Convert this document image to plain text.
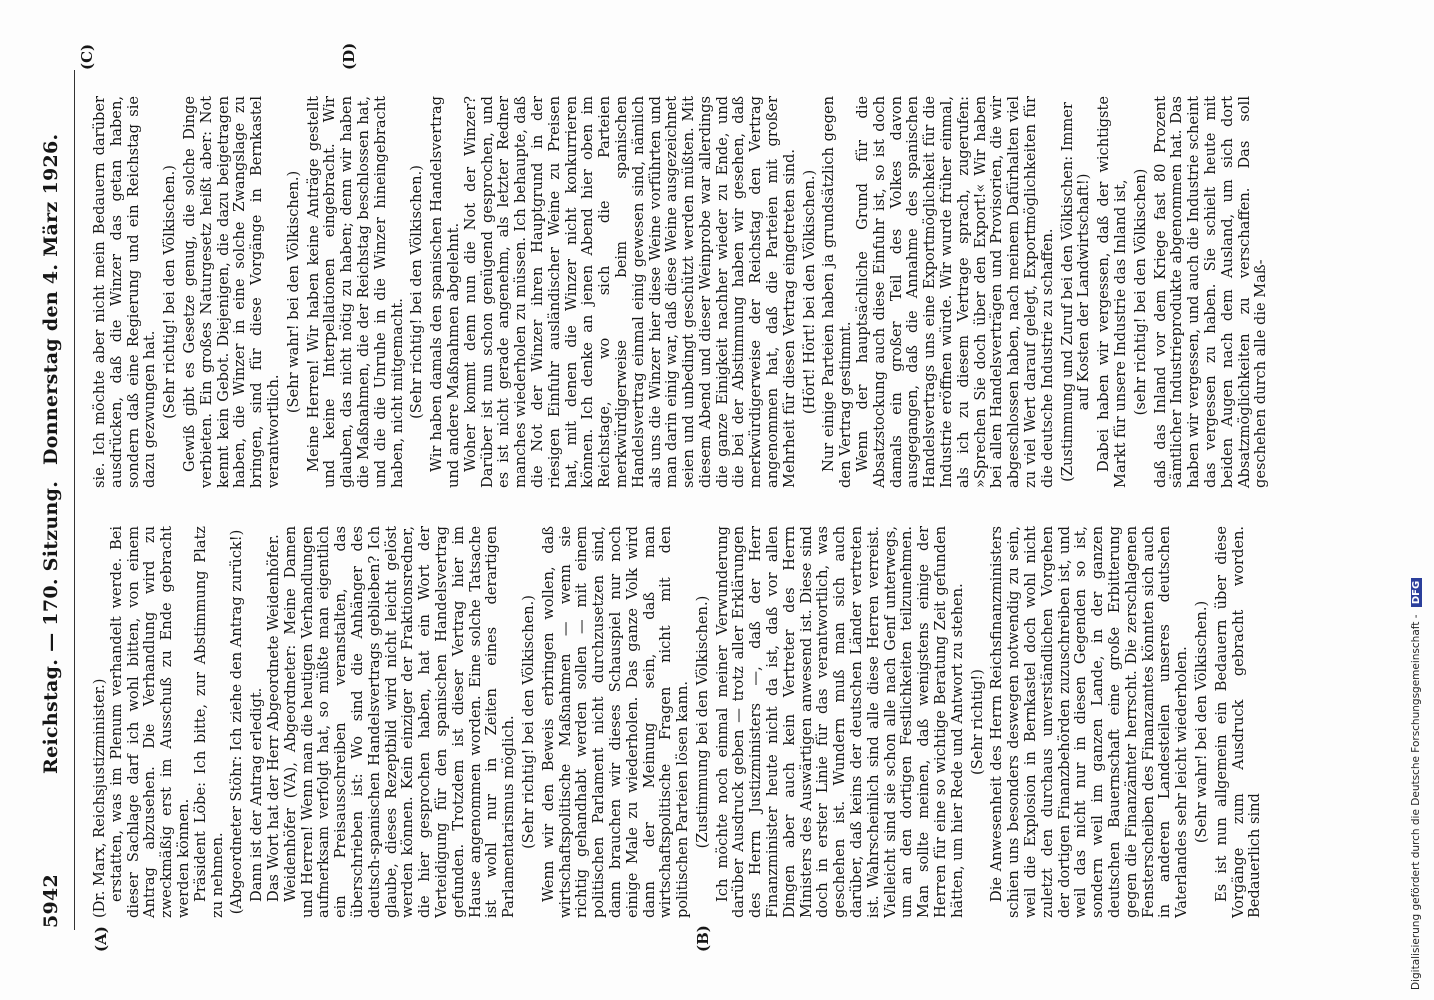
5942
Reichstag. — 170. Sitzung.
Donnerstag den 4. März 1926.
(A)	(B)
(C)	(D)

(Dr. Marx, Reichsjustizminister.) erstatten, was im Plenum verhandelt werde. Bei dieser Sachlage darf ich wohl bitten, von einem Antrag abzusehen. Die Verhandlung wird zu zweckmäßig erst im Ausschuß zu Ende gebracht werden können. Präsident Löbe: Ich bitte, zur Abstimmung Platz zu nehmen. (Abgeordneter Stöhr: Ich ziehe den Antrag zurück!) Dann ist der Antrag erledigt. Das Wort hat der Herr Abgeordnete Weidenhöfer. Weidenhöfer (VA), Abgeordneter: Meine Damen und Herren! Wenn man die heutigen Verhandlungen aufmerksam verfolgt hat, so müßte man eigentlich ein Preisausschreiben veranstalten, das überschrieben ist: Wo sind die Anhänger des deutsch-spanischen Handelsvertrags geblieben? Ich glaube, dieses Rezeptbild wird nicht leicht gelöst werden können. Kein einziger der Fraktionsredner, die hier gesprochen haben, hat ein Wort der Verteidigung für den spanischen Handelsvertrag gefunden. Trotzdem ist dieser Vertrag hier im Hause angenommen worden. Eine solche Tatsache ist wohl nur in Zeiten eines derartigen Parlamentarismus möglich. (Sehr richtig! bei den Völkischen.) Wenn wir den Beweis erbringen wollen, daß wirtschaftspolitische Maßnahmen — wenn sie richtig gehandhabt werden sollen — mit einem politischen Parlament nicht durchzusetzen sind, dann brauchen wir dieses Schauspiel nur noch einige Male zu wiederholen. Das ganze Volk wird dann der Meinung sein, daß man wirtschaftspolitische Fragen nicht mit den politischen Parteien lösen kann. (Zustimmung bei den Völkischen.) Ich möchte noch einmal meiner Verwunderung darüber Ausdruck geben — trotz aller Erklärungen des Herrn Justizministers —, daß der Herr Finanzminister heute nicht da ist, daß vor allen Dingen aber auch kein Vertreter des Herrn Ministers des Auswärtigen anwesend ist. Diese sind doch in erster Linie für das verantwortlich, was geschehen ist. Wundern muß man sich auch darüber, daß keins der deutschen Länder vertreten ist. Wahrscheinlich sind alle diese Herren verreist. Vielleicht sind sie schon alle nach Genf unterwegs, um an den dortigen Festlichkeiten teilzunehmen. Man sollte meinen, daß wenigstens einige der Herren für eine so wichtige Beratung Zeit gefunden hätten, um hier Rede und Antwort zu stehen. (Sehr richtig!) Die Anwesenheit des Herrn Reichsfinanzministers schien uns besonders deswegen notwendig zu sein, weil die Explosion in Bernkastel doch wohl nicht zuletzt den durchaus unverständlichen Vorgehen der dortigen Finanzbehörden zuzuschreiben ist, und weil das nicht nur in diesen Gegenden so ist, sondern weil im ganzen Lande, in der ganzen deutschen Bauernschaft eine große Erbitterung gegen die Finanzämter herrscht. Die zerschlagenen Fensterscheiben des Finanzamtes könnten sich auch in anderen Landesteilen unseres deutschen Vaterlandes sehr leicht wiederholen. (Sehr wahr! bei den Völkischen.) Es ist nun allgemein ein Bedauern über diese Vorgänge zum Ausdruck gebracht worden. Bedauerlich sind

sie. Ich möchte aber nicht mein Bedauern darüber ausdrücken, daß die Winzer das getan haben, sondern daß eine Regierung und ein Reichstag sie dazu gezwungen hat. (Sehr richtig! bei den Völkischen.) Gewiß gibt es Gesetze genug, die solche Dinge verbieten. Ein großes Naturgesetz heißt aber: Not kennt kein Gebot. Diejenigen, die dazu beigetragen haben, die Winzer in eine solche Zwangslage zu bringen, sind für diese Vorgänge in Bernkastel verantwortlich.

(Sehr wahr! bei den Völkischen.) Meine Herren! Wir haben keine Anträge gestellt und keine Interpellationen eingebracht. Wir glauben, das nicht nötig zu haben; denn wir haben die Maßnahmen, die der Reichstag beschlossen hat, und die die Unruhe in die Winzer hineingebracht haben, nicht mitgemacht. (Sehr richtig! bei den Völkischen.) Wir haben damals den spanischen Handelsvertrag und andere Maßnahmen abgelehnt. Woher kommt denn nun die Not der Winzer? Darüber ist nun schon genügend gesprochen, und es ist nicht gerade angenehm, als letzter Redner manches wiederholen zu müssen. Ich behaupte, daß die Not der Winzer ihren Hauptgrund in der riesigen Einfuhr ausländischer Weine zu Preisen hat, mit denen die Winzer nicht konkurrieren können. Ich denke an jenen Abend hier oben im Reichstage, wo sich die Parteien merkwürdigerweise beim spanischen Handelsvertrag einmal einig gewesen sind, nämlich als uns die Winzer hier diese Weine vorführten und man darin einig war, daß diese Weine ausgezeichnet seien und unbedingt geschützt werden müßten. Mit diesem Abend und dieser Weinprobe war allerdings die ganze Einigkeit nachher wieder zu Ende, und die bei der Abstimmung haben wir gesehen, daß merkwürdigerweise der Reichstag den Vertrag angenommen hat, daß die Parteien mit großer Mehrheit für diesen Vertrag eingetreten sind. (Hört! Hört! bei den Völkischen.) Nur einige Parteien haben ja grundsätzlich gegen den Vertrag gestimmt. Wenn der hauptsächliche Grund für die Absatzstockung auch diese Einfuhr ist, so ist doch damals ein großer Teil des Volkes davon ausgegangen, daß die Annahme des spanischen Handelsvertrags uns eine Exportmöglichkeit für die Industrie eröffnen würde. Wir wurde früher einmal, als ich zu diesem Vertrage sprach, zugerufen: »Sprechen Sie doch über den Export!« Wir haben bei allen Handelsverträgen und Provisorien, die wir abgeschlossen haben, nach meinem Dafürhalten viel zu viel Wert darauf gelegt, Exportmöglichkeiten für die deutsche Industrie zu schaffen. (Zustimmung und Zuruf bei den Völkischen: Immer auf Kosten der Landwirtschaft!) Dabei haben wir vergessen, daß der wichtigste Markt für unsere Industrie das Inland ist, (sehr richtig! bei den Völkischen) daß das Inland vor dem Kriege fast 80 Prozent sämtlicher Industrieprodukte abgenommen hat. Das haben wir vergessen, und auch die Industrie scheint das vergessen zu haben. Sie schielt heute mit beiden Augen nach dem Ausland, um sich dort Absatzmöglichkeiten zu verschaffen. Das soll geschehen durch alle die Maß-

Digitalisierung gefördert durch die Deutsche Forschungsgemeinschaft - DFG
